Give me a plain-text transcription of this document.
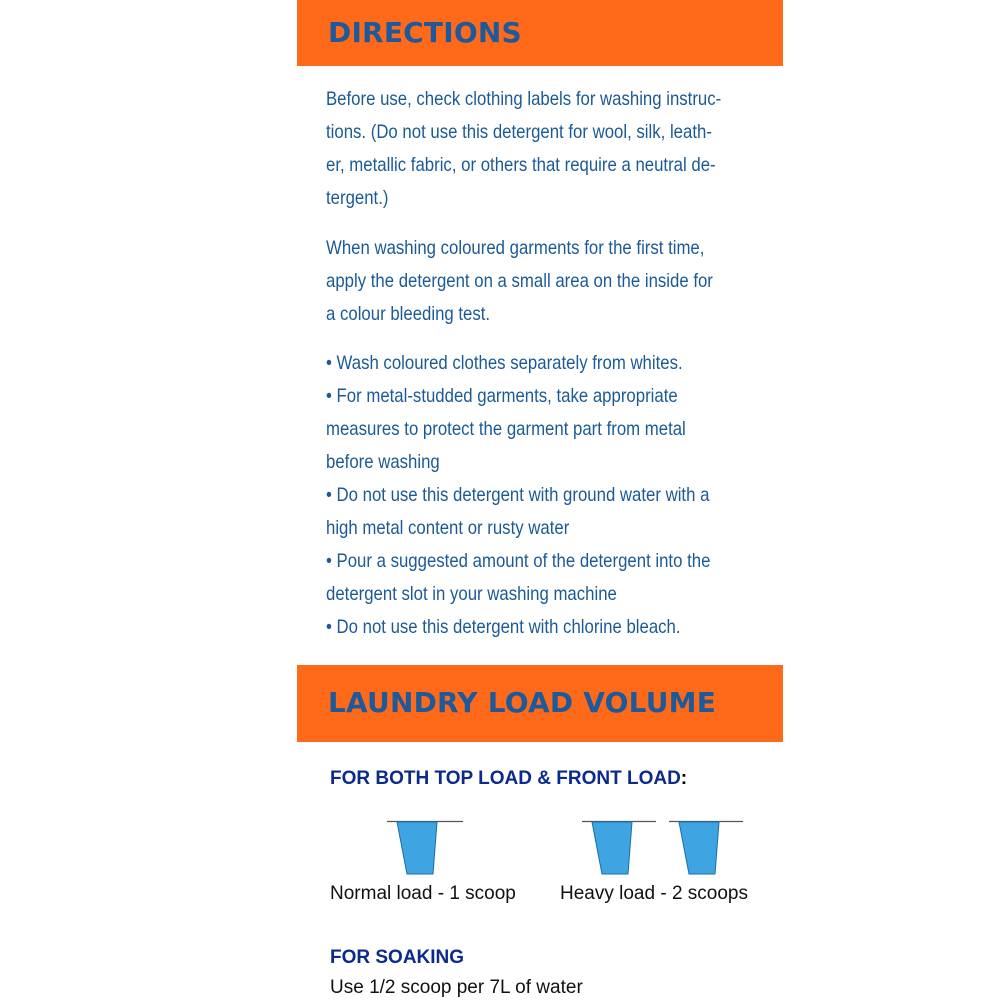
DIRECTIONS
Before use, check clothing labels for washing instruc-
tions. (Do not use this detergent for wool, silk, leath-
er, metallic fabric, or others that require a neutral de-
tergent.)
When washing coloured garments for the first time,
apply the detergent on a small area on the inside for
a colour bleeding test.
• Wash coloured clothes separately from whites.
• For metal-studded garments, take appropriate
measures to protect the garment part from metal
before washing
• Do not use this detergent with ground water with a
high metal content or rusty water
• Pour a suggested amount of the detergent into the
detergent slot in your washing machine
• Do not use this detergent with chlorine bleach.
LAUNDRY LOAD VOLUME
FOR BOTH TOP LOAD & FRONT LOAD:
Normal load - 1 scoop Heavy load - 2 scoops
FOR SOAKING
Use 1/2 scoop per 7L of water
